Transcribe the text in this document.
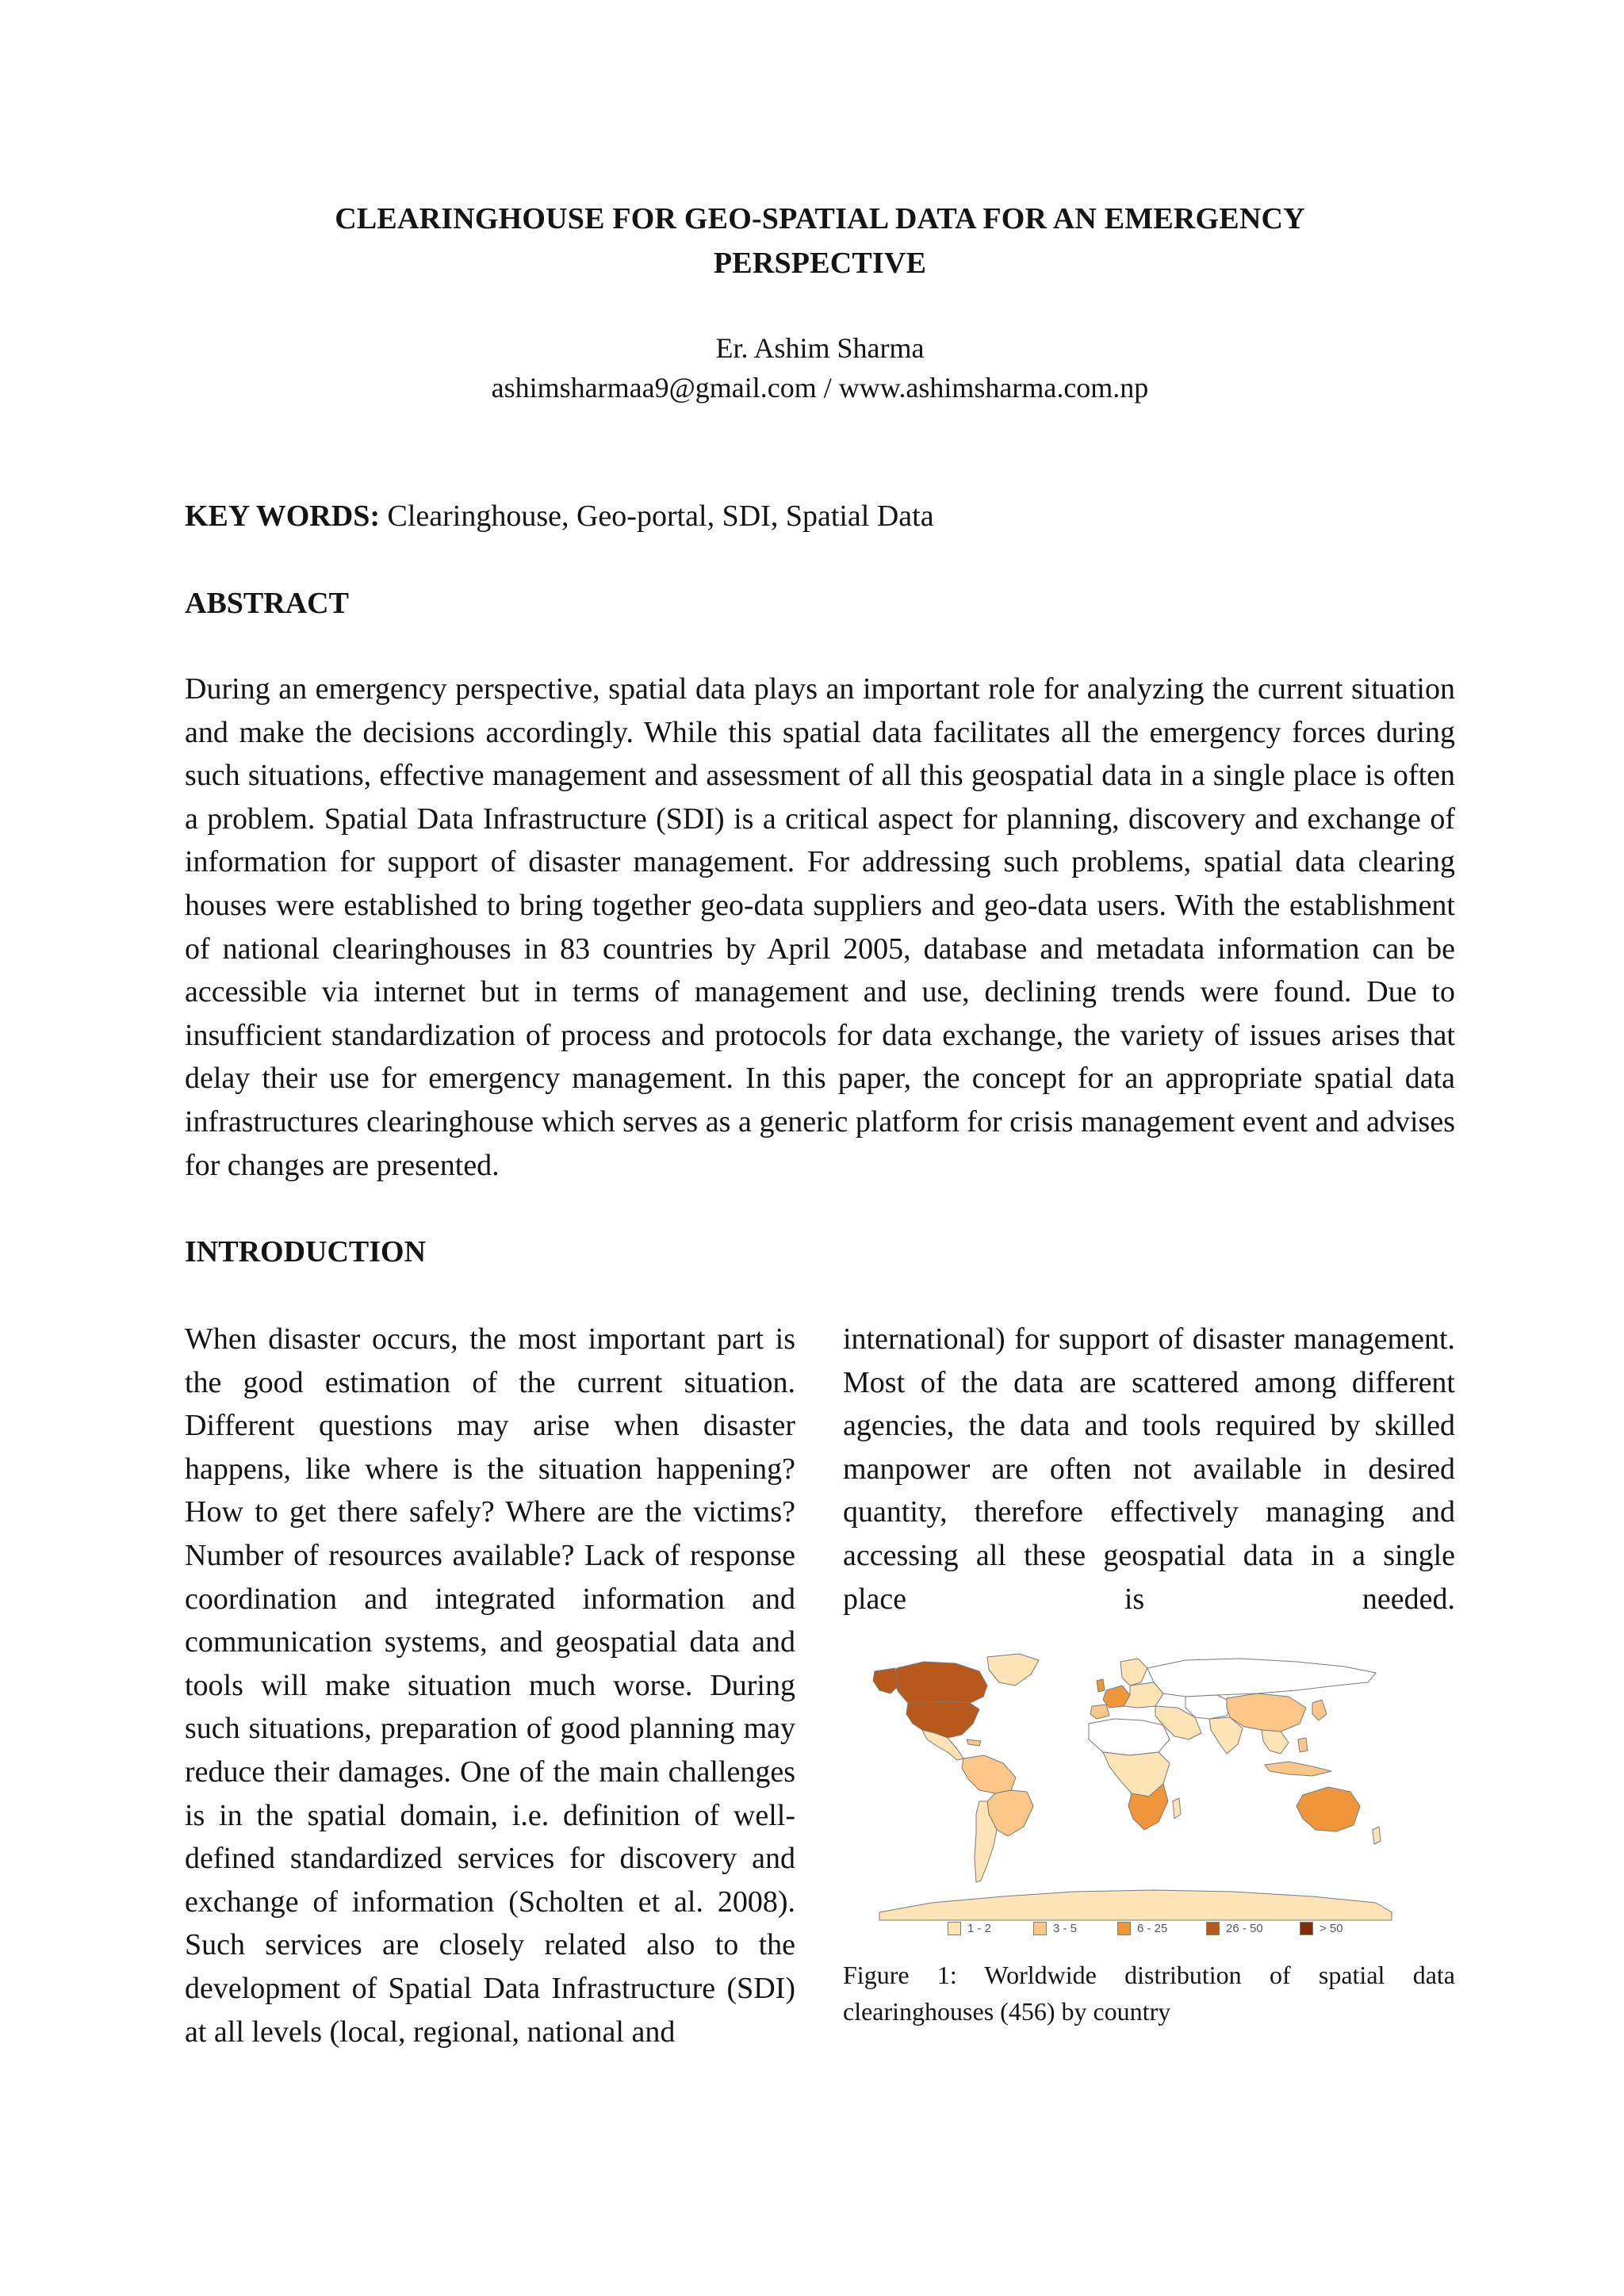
CLEARINGHOUSE FOR GEO-SPATIAL DATA FOR AN EMERGENCY
PERSPECTIVE
Er. Ashim Sharma
ashimsharmaa9@gmail.com / www.ashimsharma.com.np
KEY WORDS: Clearinghouse, Geo-portal, SDI, Spatial Data
ABSTRACT

During an emergency perspective, spatial data plays an important role for analyzing the current situation and make the decisions accordingly. While this spatial data facilitates all the emergency forces during such situations, effective management and assessment of all this geospatial data in a single place is often a problem. Spatial Data Infrastructure (SDI) is a critical aspect for planning, discovery and exchange of information for support of disaster management. For addressing such problems, spatial data clearing houses were established to bring together geo-data suppliers and geo-data users. With the establishment of national clearinghouses in 83 countries by April 2005, database and metadata information can be accessible via internet but in terms of management and use, declining trends were found. Due to insufficient standardization of process and protocols for data exchange, the variety of issues arises that delay their use for emergency management. In this paper, the concept for an appropriate spatial data infrastructures clearinghouse which serves as a generic platform for crisis management event and advises for changes are presented.

INTRODUCTION

When disaster occurs, the most important part is the good estimation of the current situation. Different questions may arise when disaster happens, like where is the situation happening? How to get there safely? Where are the victims? Number of resources available? Lack of response coordination and integrated information and communication systems, and geospatial data and tools will make situation much worse. During such situations, preparation of good planning may reduce their damages. One of the main challenges is in the spatial domain, i.e. definition of well-defined standardized services for discovery and exchange of information (Scholten et al. 2008). Such services are closely related also to the development of Spatial Data Infrastructure (SDI) at all levels (local, regional, national and

international) for support of disaster management. Most of the data are scattered among different agencies, the data and tools required by skilled manpower are often not available in desired quantity, therefore effectively managing and accessing all these geospatial data in a single place is needed.

1 - 2	3 - 5	6 - 25	26 - 50	> 50

Figure 1: Worldwide distribution of spatial data clearinghouses (456) by country
